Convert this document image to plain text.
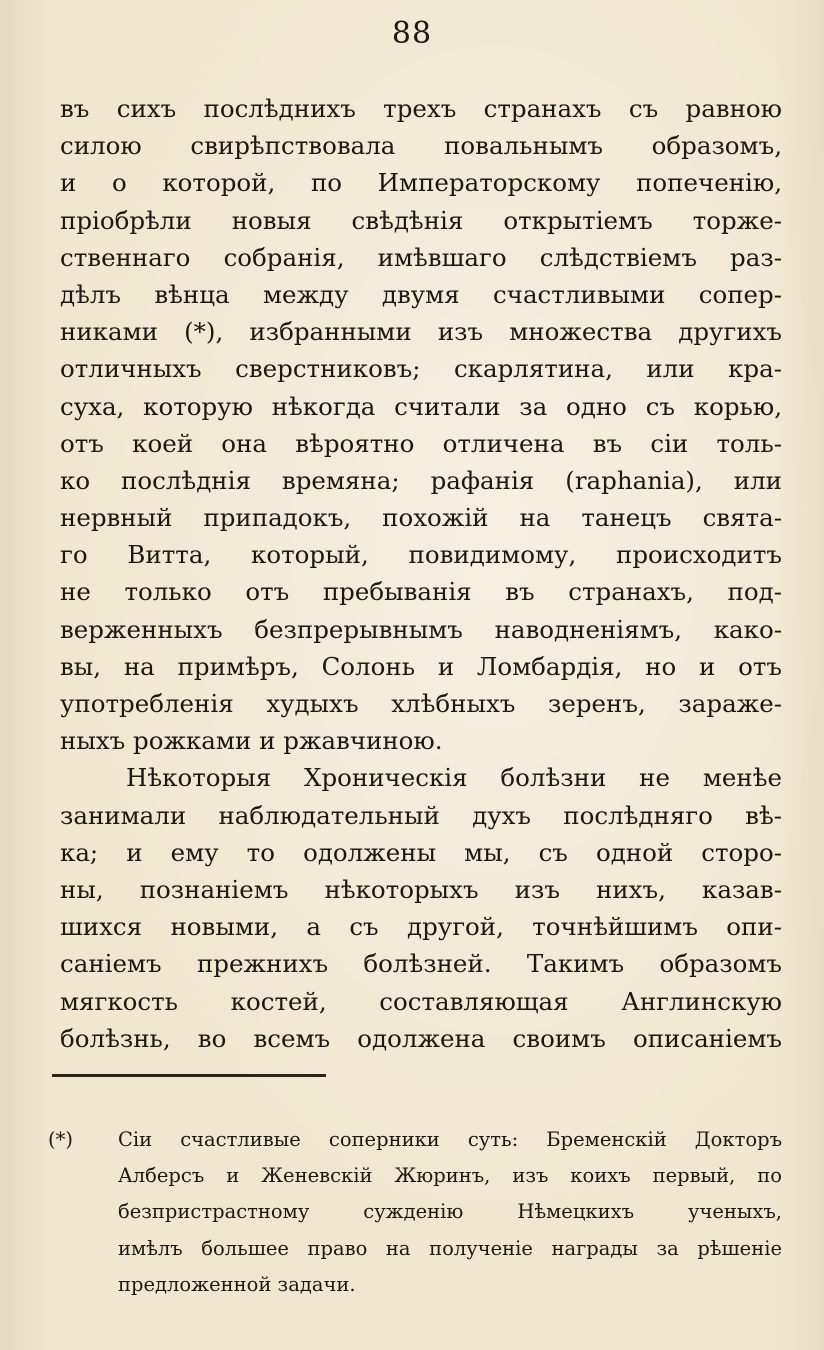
88
въ сихъ послѣднихъ трехъ странахъ съ равною
силою свирѣпствовала повальнымъ образомъ,
и о которой, по Императорскому попеченію,
пріобрѣли новыя свѣдѣнія открытіемъ торже-
ственнаго собранія, имѣвшаго слѣдствіемъ раз-
дѣлъ вѣнца между двумя счастливыми сопер-
никами (*), избранными изъ множества другихъ
отличныхъ сверстниковъ; скарлятина, или кра-
суха, которую нѣкогда считали за одно съ корью,
отъ коей она вѣроятно отличена въ сіи толь-
ко послѣднія времяна; рафанія (raphania), или
нервный припадокъ, похожій на танецъ свята-
го Витта, который, повидимому, происходитъ
не только отъ пребыванія въ странахъ, под-
верженныхъ безпрерывнымъ наводненіямъ, како-
вы, на примѣръ, Солонь и Ломбардія, но и отъ
употребленія худыхъ хлѣбныхъ зеренъ, зараже-
ныхъ рожками и ржавчиною.
Нѣкоторыя Хроническія болѣзни не менѣе
занимали наблюдательный духъ послѣдняго вѣ-
ка; и ему то одолжены мы, съ одной сторо-
ны, познаніемъ нѣкоторыхъ изъ нихъ, казав-
шихся новыми, а съ другой, точнѣйшимъ опи-
саніемъ прежнихъ болѣзней. Такимъ образомъ
мягкость костей, составляющая Англинскую
болѣзнь, во всемъ одолжена своимъ описаніемъ
(*) Сіи счастливые соперники суть: Бременскій Докторъ
Алберсъ и Женевскій Жюринъ, изъ коихъ первый, по
безпристрастному сужденію Нѣмецкихъ ученыхъ,
имѣлъ большее право на полученіе награды за рѣшеніе
предложенной задачи.
